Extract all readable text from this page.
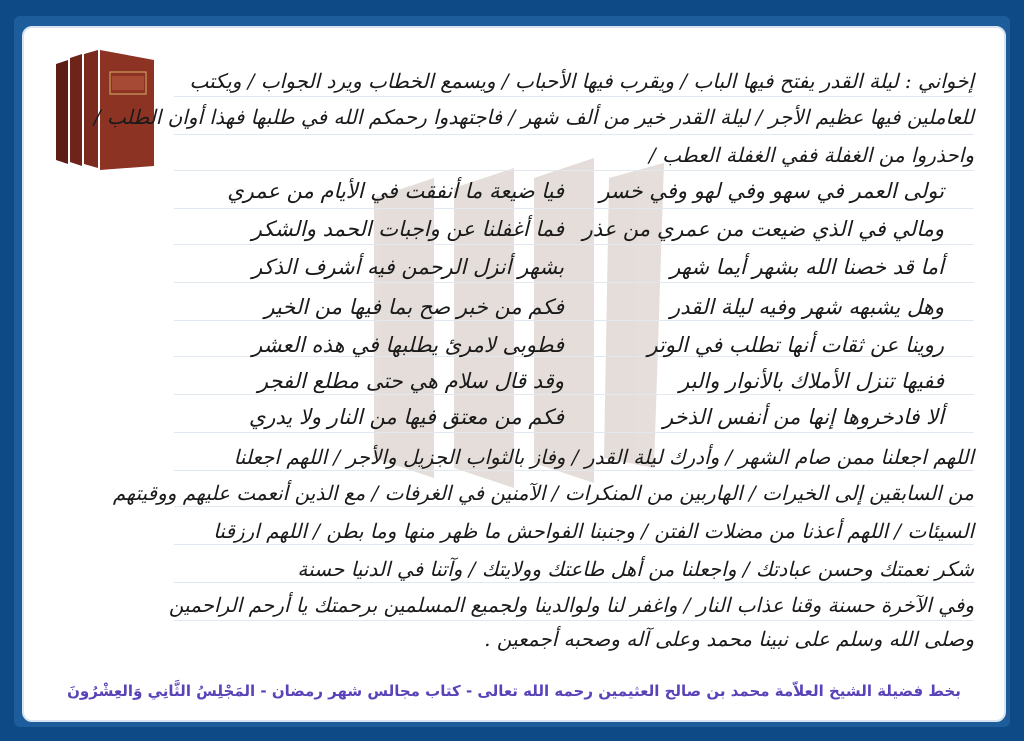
إخواني : ليلة القدر يفتح فيها الباب / ويقرب فيها الأحباب / ويسمع الخطاب ويرد الجواب / ويكتب
للعاملين فيها عظيم الأجر / ليلة القدر خير من ألف شهر / فاجتهدوا رحمكم الله في طلبها فهذا أوان الطلب /
واحذروا من الغفلة ففي الغفلة العطب /
تولى العمر في سهو وفي لهو وفي خسر
فيا ضيعة ما أنفقت في الأيام من عمري
ومالي في الذي ضيعت من عمري من عذر
فما أغفلنا عن واجبات الحمد والشكر
أما قد خصنا الله بشهر أيما شهر
بشهر أنزل الرحمن فيه أشرف الذكر
وهل يشبهه شهر وفيه ليلة القدر
فكم من خبر صح بما فيها من الخير
روينا عن ثقات أنها تطلب في الوتر
فطوبى لامرئ يطلبها في هذه العشر
ففيها تنزل الأملاك بالأنوار والبر
وقد قال سلام هي حتى مطلع الفجر
ألا فادخروها إنها من أنفس الذخر
فكم من معتق فيها من النار ولا يدري
اللهم اجعلنا ممن صام الشهر / وأدرك ليلة القدر / وفاز بالثواب الجزيل والأجر / اللهم اجعلنا
من السابقين إلى الخيرات / الهاربين من المنكرات / الآمنين في الغرفات / مع الذين أنعمت عليهم ووقيتهم
السيئات / اللهم أعذنا من مضلات الفتن / وجنبنا الفواحش ما ظهر منها وما بطن / اللهم ارزقنا
شكر نعمتك وحسن عبادتك / واجعلنا من أهل طاعتك وولايتك / وآتنا في الدنيا حسنة
وفي الآخرة حسنة وقنا عذاب النار / واغفر لنا ولوالدينا ولجميع المسلمين برحمتك يا أرحم الراحمين
وصلى الله وسلم على نبينا محمد وعلى آله وصحبه أجمعين .
بخط فضيلة الشيخ العلاّمة محمد بن صالح العثيمين رحمه الله تعالى - كتاب مجالس شهر رمضان - المَجْلِسُ الثَّانِي وَالعِشْرُونَ
